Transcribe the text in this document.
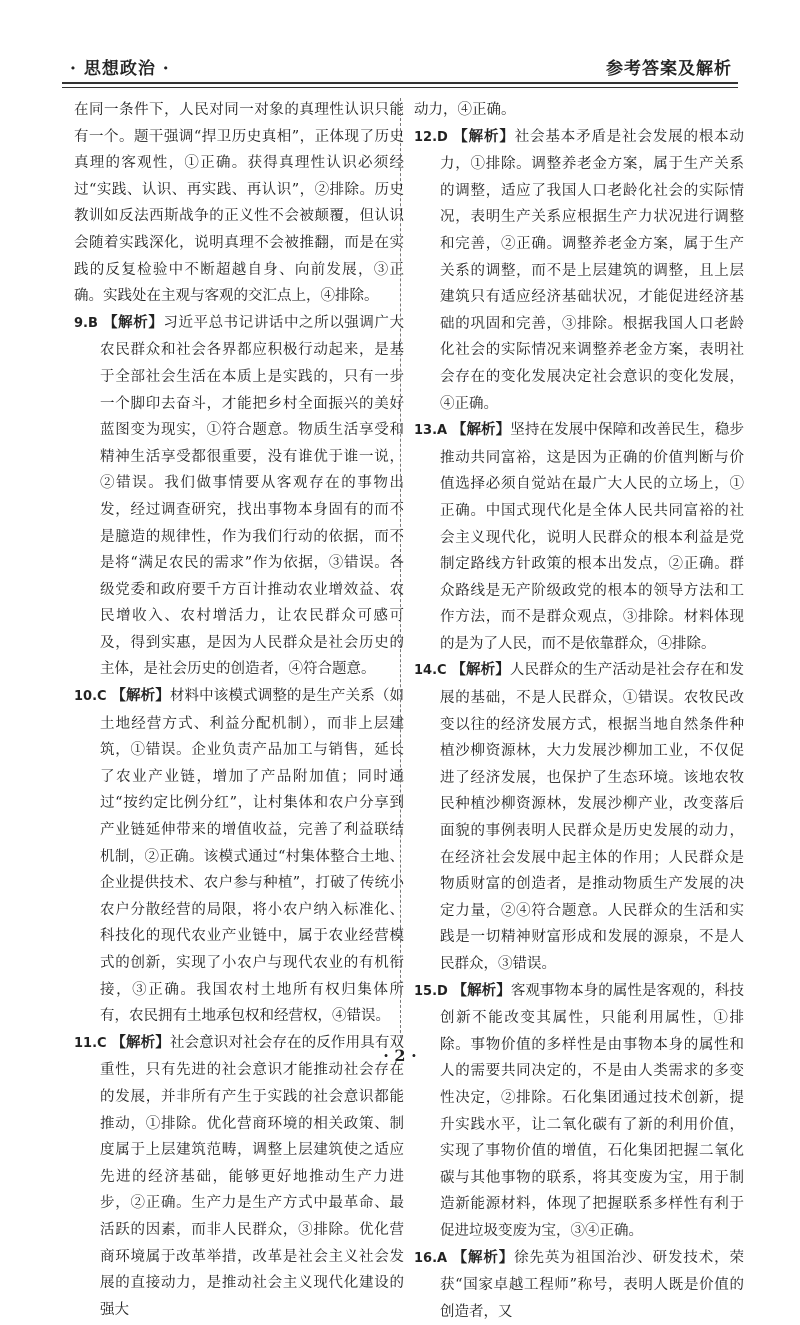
· 思想政治 ·	参考答案及解析

在同一条件下，人民对同一对象的真理性认识只能有一个。题干强调“捍卫历史真相”，正体现了历史真理的客观性，①正确。获得真理性认识必须经过“实践、认识、再实践、再认识”，②排除。历史教训如反法西斯战争的正义性不会被颠覆，但认识会随着实践深化，说明真理不会被推翻，而是在实践的反复检验中不断超越自身、向前发展，③正确。实践处在主观与客观的交汇点上，④排除。

9.B 【解析】习近平总书记讲话中之所以强调广大农民群众和社会各界都应积极行动起来，是基于全部社会生活在本质上是实践的，只有一步一个脚印去奋斗，才能把乡村全面振兴的美好蓝图变为现实，①符合题意。物质生活享受和精神生活享受都很重要，没有谁优于谁一说，②错误。我们做事情要从客观存在的事物出发，经过调查研究，找出事物本身固有的而不是臆造的规律性，作为我们行动的依据，而不是将“满足农民的需求”作为依据，③错误。各级党委和政府要千方百计推动农业增效益、农民增收入、农村增活力，让农民群众可感可及，得到实惠，是因为人民群众是社会历史的主体，是社会历史的创造者，④符合题意。

10.C 【解析】材料中该模式调整的是生产关系（如土地经营方式、利益分配机制），而非上层建筑，①错误。企业负责产品加工与销售，延长了农业产业链，增加了产品附加值；同时通过“按约定比例分红”，让村集体和农户分享到产业链延伸带来的增值收益，完善了利益联结机制，②正确。该模式通过“村集体整合土地、企业提供技术、农户参与种植”，打破了传统小农户分散经营的局限，将小农户纳入标准化、科技化的现代农业产业链中，属于农业经营模式的创新，实现了小农户与现代农业的有机衔接，③正确。我国农村土地所有权归集体所有，农民拥有土地承包权和经营权，④错误。

11.C 【解析】社会意识对社会存在的反作用具有双重性，只有先进的社会意识才能推动社会存在的发展，并非所有产生于实践的社会意识都能推动，①排除。优化营商环境的相关政策、制度属于上层建筑范畴，调整上层建筑使之适应先进的经济基础，能够更好地推动生产力进步，②正确。生产力是生产方式中最革命、最活跃的因素，而非人民群众，③排除。优化营商环境属于改革举措，改革是社会主义社会发展的直接动力，是推动社会主义现代化建设的强大

动力，④正确。

12.D 【解析】社会基本矛盾是社会发展的根本动力，①排除。调整养老金方案，属于生产关系的调整，适应了我国人口老龄化社会的实际情况，表明生产关系应根据生产力状况进行调整和完善，②正确。调整养老金方案，属于生产关系的调整，而不是上层建筑的调整，且上层建筑只有适应经济基础状况，才能促进经济基础的巩固和完善，③排除。根据我国人口老龄化社会的实际情况来调整养老金方案，表明社会存在的变化发展决定社会意识的变化发展，④正确。

13.A 【解析】坚持在发展中保障和改善民生，稳步推动共同富裕，这是因为正确的价值判断与价值选择必须自觉站在最广大人民的立场上，①正确。中国式现代化是全体人民共同富裕的社会主义现代化，说明人民群众的根本利益是党制定路线方针政策的根本出发点，②正确。群众路线是无产阶级政党的根本的领导方法和工作方法，而不是群众观点，③排除。材料体现的是为了人民，而不是依靠群众，④排除。

14.C 【解析】人民群众的生产活动是社会存在和发展的基础，不是人民群众，①错误。农牧民改变以往的经济发展方式，根据当地自然条件种植沙柳资源林，大力发展沙柳加工业，不仅促进了经济发展，也保护了生态环境。该地农牧民种植沙柳资源林，发展沙柳产业，改变落后面貌的事例表明人民群众是历史发展的动力，在经济社会发展中起主体的作用；人民群众是物质财富的创造者，是推动物质生产发展的决定力量，②④符合题意。人民群众的生活和实践是一切精神财富形成和发展的源泉，不是人民群众，③错误。

15.D 【解析】客观事物本身的属性是客观的，科技创新不能改变其属性，只能利用属性，①排除。事物价值的多样性是由事物本身的属性和人的需要共同决定的，不是由人类需求的多变性决定，②排除。石化集团通过技术创新，提升实践水平，让二氧化碳有了新的利用价值，实现了事物价值的增值，石化集团把握二氧化碳与其他事物的联系，将其变废为宝，用于制造新能源材料，体现了把握联系多样性有利于促进垃圾变废为宝，③④正确。

16.A 【解析】徐先英为祖国治沙、研发技术，荣获“国家卓越工程师”称号，表明人既是价值的创造者，又

· 2 ·
